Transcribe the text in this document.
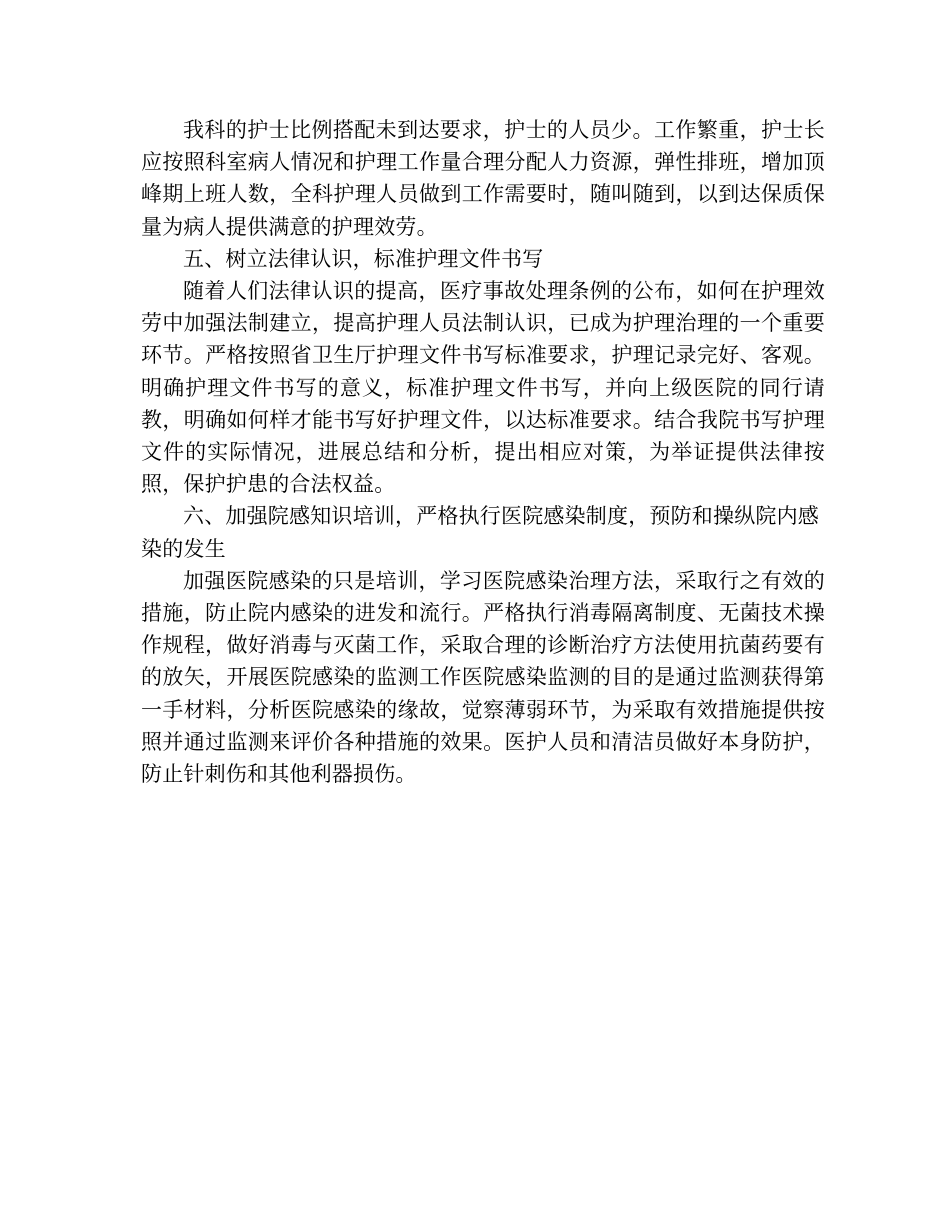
我科的护士比例搭配未到达要求，护士的人员少。工作繁重，护士长应按照科室病人情况和护理工作量合理分配人力资源，弹性排班，增加顶峰期上班人数，全科护理人员做到工作需要时，随叫随到，以到达保质保量为病人提供满意的护理效劳。

五、树立法律认识，标准护理文件书写

随着人们法律认识的提高，医疗事故处理条例的公布，如何在护理效劳中加强法制建立，提高护理人员法制认识，已成为护理治理的一个重要环节。严格按照省卫生厅护理文件书写标准要求，护理记录完好、客观。明确护理文件书写的意义，标准护理文件书写，并向上级医院的同行请教，明确如何样才能书写好护理文件，以达标准要求。结合我院书写护理文件的实际情况，进展总结和分析，提出相应对策，为举证提供法律按照，保护护患的合法权益。

六、加强院感知识培训，严格执行医院感染制度，预防和操纵院内感染的发生

加强医院感染的只是培训，学习医院感染治理方法，采取行之有效的措施，防止院内感染的进发和流行。严格执行消毒隔离制度、无菌技术操作规程，做好消毒与灭菌工作，采取合理的诊断治疗方法使用抗菌药要有的放矢，开展医院感染的监测工作医院感染监测的目的是通过监测获得第一手材料，分析医院感染的缘故，觉察薄弱环节，为采取有效措施提供按照并通过监测来评价各种措施的效果。医护人员和清洁员做好本身防护，防止针刺伤和其他利器损伤。
